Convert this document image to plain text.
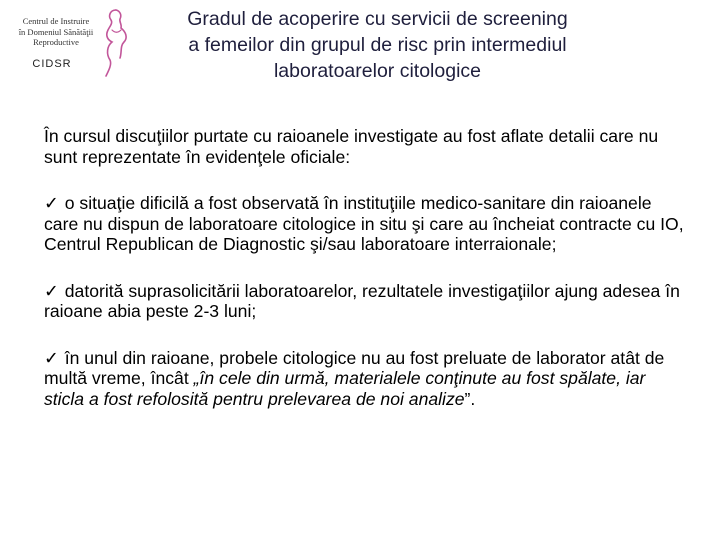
Centrul de Instruire
în Domeniul Sănătăţii
Reproductive
CIDSR
Gradul de acoperire cu servicii de screening
a femeilor din grupul de risc prin intermediul
laboratoarelor citologice

În cursul discuţiilor purtate cu raioanele investigate au fost aflate detalii care nu sunt reprezentate în evidenţele oficiale:

✓ o situaţie dificilă a fost observată în instituţiile medico-sanitare din raioanele care nu dispun de laboratoare citologice in situ şi care au încheiat contracte cu IO, Centrul Republican de Diagnostic şi/sau laboratoare interraionale;

✓ datorită suprasolicitării laboratoarelor, rezultatele investigaţiilor ajung adesea în raioane abia peste 2-3 luni;

✓ în unul din raioane, probele citologice nu au fost preluate de laborator atât de multă vreme, încât „în cele din urmă, materialele conţinute au fost spălate, iar sticla a fost refolosită pentru prelevarea de noi analize”.
